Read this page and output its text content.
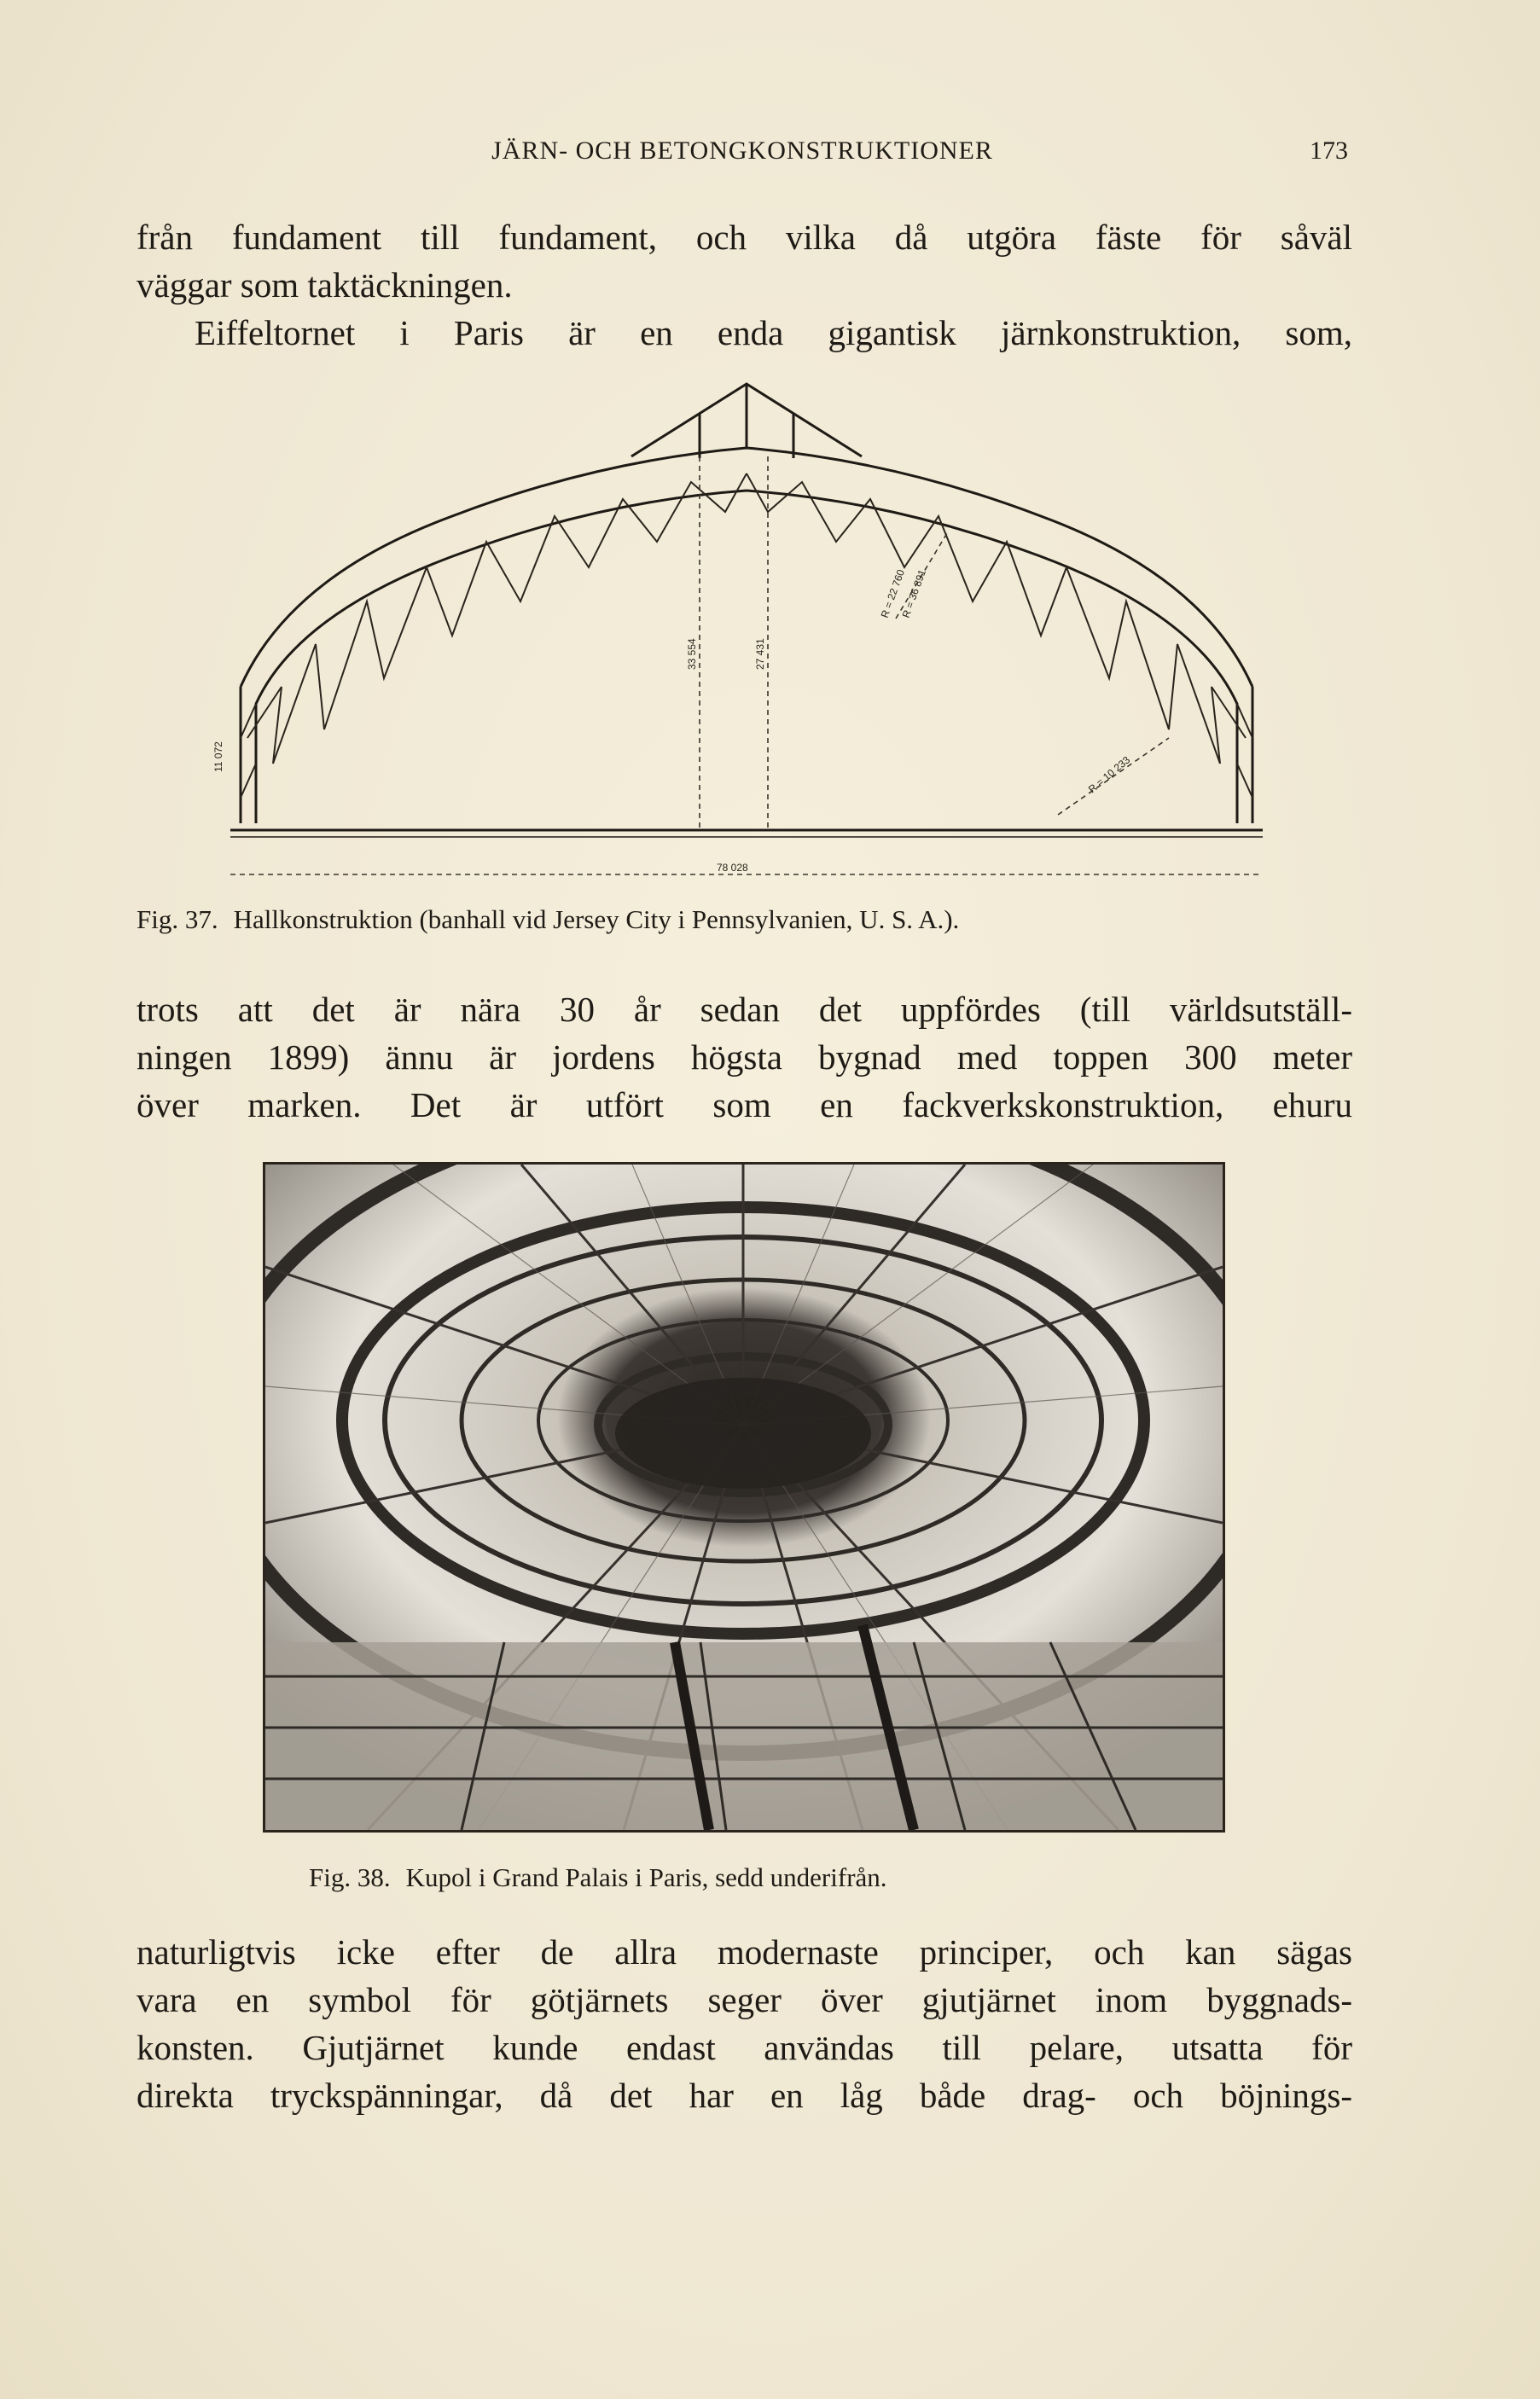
JÄRN- OCH BETONGKONSTRUKTIONER	173
från fundament till fundament, och vilka då utgöra fäste för såväl
väggar som taktäckningen.
Eiffeltornet i Paris är en enda gigantisk järnkonstruktion, som,
78 028
33 554	27 431
11 072
R = 22 760
R = 36 891
R = 10 233
Fig. 37. Hallkonstruktion (banhall vid Jersey City i Pennsylvanien, U. S. A.).
trots att det är nära 30 år sedan det uppfördes (till världsutställ-
ningen 1899) ännu är jordens högsta bygnad med toppen 300 meter
över marken. Det är utfört som en fackverkskonstruktion, ehuru
Fig. 38. Kupol i Grand Palais i Paris, sedd underifrån.
naturligtvis icke efter de allra modernaste principer, och kan sägas
vara en symbol för götjärnets seger över gjutjärnet inom byggnads-
konsten. Gjutjärnet kunde endast användas till pelare, utsatta för
direkta tryckspänningar, då det har en låg både drag- och böjnings-
